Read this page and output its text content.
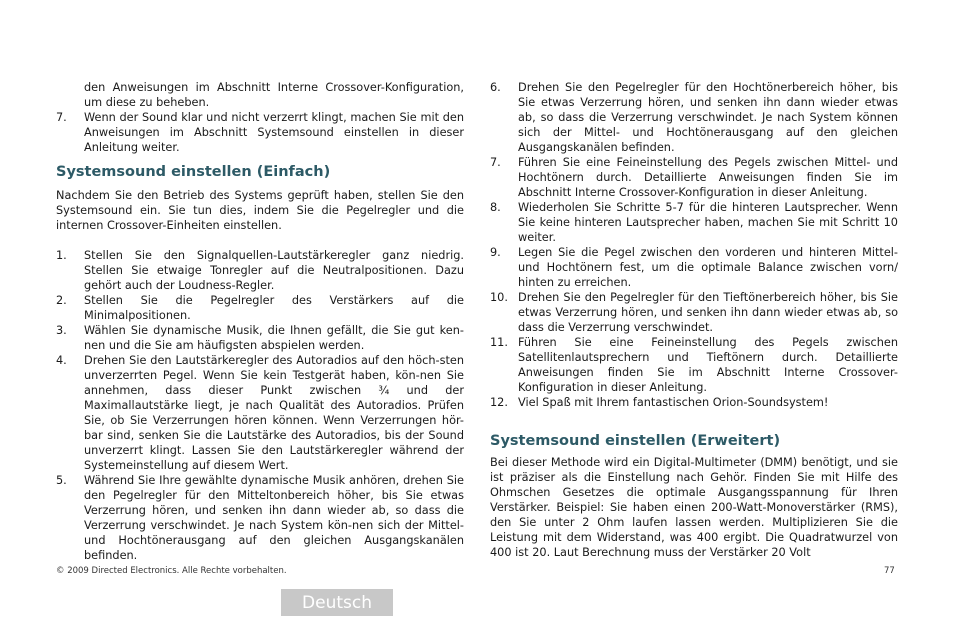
den Anweisungen im Abschnitt Interne Crossover-Konfiguration, um diese zu beheben.

7.	Wenn der Sound klar und nicht verzerrt klingt, machen Sie mit den Anweisungen im Abschnitt Systemsound einstellen in dieser Anleitung weiter.
Systemsound einstellen (Einfach)

Nachdem Sie den Betrieb des Systems geprüft haben, stellen Sie den Systemsound ein. Sie tun dies, indem Sie die Pegelregler und die internen Crossover-Einheiten einstellen.

1.	Stellen Sie den Signalquellen-Lautstärkeregler ganz niedrig. Stellen Sie etwaige Tonregler auf die Neutralpositionen. Dazu gehört auch der Loudness-Regler.
2.	Stellen Sie die Pegelregler des Verstärkers auf die Minimalpositionen.
3.	Wählen Sie dynamische Musik, die Ihnen gefällt, die Sie gut ken-nen und die Sie am häufigsten abspielen werden.
4.	Drehen Sie den Lautstärkeregler des Autoradios auf den höch-sten unverzerrten Pegel. Wenn Sie kein Testgerät haben, kön-nen Sie annehmen, dass dieser Punkt zwischen ¾ und der Maximallautstärke liegt, je nach Qualität des Autoradios. Prüfen Sie, ob Sie Verzerrungen hören können. Wenn Verzerrungen hör-bar sind, senken Sie die Lautstärke des Autoradios, bis der Sound unverzerrt klingt. Lassen Sie den Lautstärkeregler während der Systemeinstellung auf diesem Wert.
5.	Während Sie Ihre gewählte dynamische Musik anhören, drehen Sie den Pegelregler für den Mitteltonbereich höher, bis Sie etwas Verzerrung hören, und senken ihn dann wieder ab, so dass die Verzerrung verschwindet. Je nach System kön-nen sich der Mittel- und Hochtönerausgang auf den gleichen Ausgangskanälen befinden.
6.	Drehen Sie den Pegelregler für den Hochtönerbereich höher, bis Sie etwas Verzerrung hören, und senken ihn dann wieder etwas ab, so dass die Verzerrung verschwindet. Je nach System können sich der Mittel- und Hochtönerausgang auf den gleichen Ausgangskanälen befinden.
7.	Führen Sie eine Feineinstellung des Pegels zwischen Mittel- und Hochtönern durch. Detaillierte Anweisungen finden Sie im Abschnitt Interne Crossover-Konfiguration in dieser Anleitung.
8.	Wiederholen Sie Schritte 5-7 für die hinteren Lautsprecher. Wenn Sie keine hinteren Lautsprecher haben, machen Sie mit Schritt 10 weiter.
9.	Legen Sie die Pegel zwischen den vorderen und hinteren Mittel- und Hochtönern fest, um die optimale Balance zwischen vorn/ hinten zu erreichen.
10. Drehen Sie den Pegelregler für den Tieftönerbereich höher, bis Sie etwas Verzerrung hören, und senken ihn dann wieder etwas ab, so dass die Verzerrung verschwindet.
11. Führen Sie eine Feineinstellung des Pegels zwischen Satellitenlautsprechern und Tieftönern durch. Detaillierte Anweisungen finden Sie im Abschnitt Interne Crossover-Konfiguration in dieser Anleitung.
12. Viel Spaß mit Ihrem fantastischen Orion-Soundsystem!
Systemsound einstellen (Erweitert)

Bei dieser Methode wird ein Digital-Multimeter (DMM) benötigt, und sie ist präziser als die Einstellung nach Gehör. Finden Sie mit Hilfe des Ohmschen Gesetzes die optimale Ausgangsspannung für Ihren Verstärker. Beispiel: Sie haben einen 200-Watt-Monoverstärker (RMS), den Sie unter 2 Ohm laufen lassen werden. Multiplizieren Sie die Leistung mit dem Widerstand, was 400 ergibt. Die Quadratwurzel von 400 ist 20. Laut Berechnung muss der Verstärker 20 Volt

© 2009 Directed Electronics. Alle Rechte vorbehalten.	77
Deutsch
